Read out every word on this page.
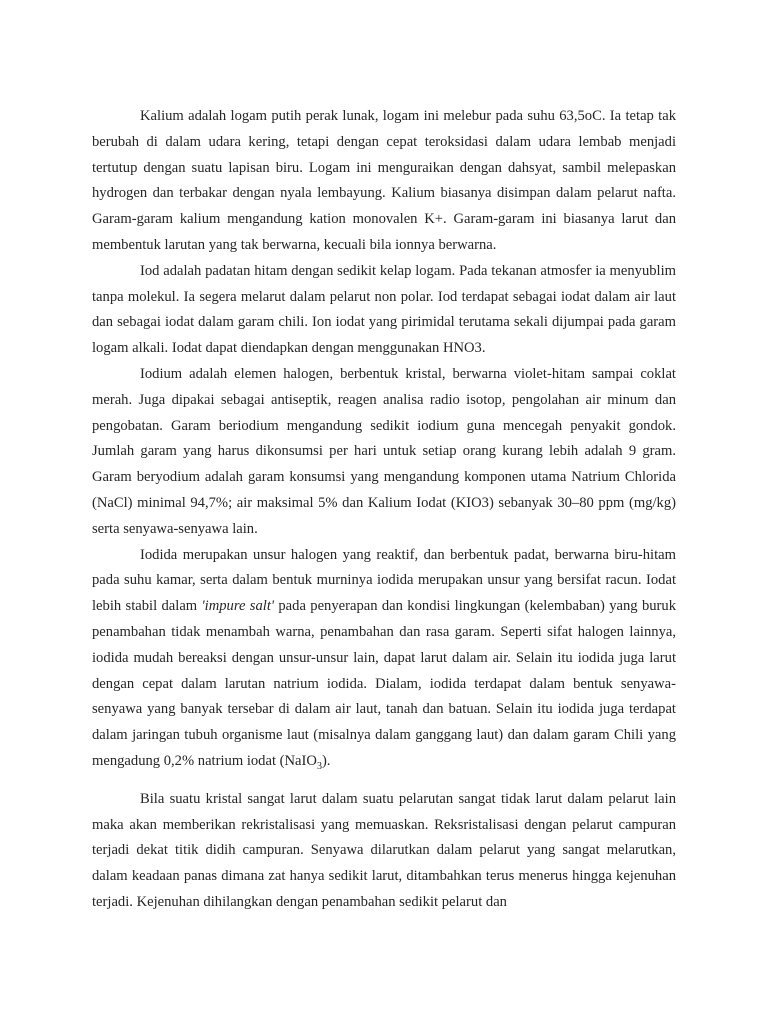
Kalium adalah logam putih perak lunak, logam ini melebur pada suhu 63,5oC. Ia tetap tak berubah di dalam udara kering, tetapi dengan cepat teroksidasi dalam udara lembab menjadi tertutup dengan suatu lapisan biru. Logam ini menguraikan dengan dahsyat, sambil melepaskan hydrogen dan terbakar dengan nyala lembayung. Kalium biasanya disimpan dalam pelarut nafta. Garam-garam kalium mengandung kation monovalen K+. Garam-garam ini biasanya larut dan membentuk larutan yang tak berwarna, kecuali bila ionnya berwarna.

Iod adalah padatan hitam dengan sedikit kelap logam. Pada tekanan atmosfer ia menyublim tanpa molekul. Ia segera melarut dalam pelarut non polar. Iod terdapat sebagai iodat dalam air laut dan sebagai iodat dalam garam chili. Ion iodat yang pirimidal terutama sekali dijumpai pada garam logam alkali. Iodat dapat diendapkan dengan menggunakan HNO3.

Iodium adalah elemen halogen, berbentuk kristal, berwarna violet-hitam sampai coklat merah. Juga dipakai sebagai antiseptik, reagen analisa radio isotop, pengolahan air minum dan pengobatan. Garam beriodium mengandung sedikit iodium guna mencegah penyakit gondok. Jumlah garam yang harus dikonsumsi per hari untuk setiap orang kurang lebih adalah 9 gram. Garam beryodium adalah garam konsumsi yang mengandung komponen utama Natrium Chlorida (NaCl) minimal 94,7%; air maksimal 5% dan Kalium Iodat (KIO3) sebanyak 30–80 ppm (mg/kg) serta senyawa-senyawa lain.

Iodida merupakan unsur halogen yang reaktif, dan berbentuk padat, berwarna biru-hitam pada suhu kamar, serta dalam bentuk murninya iodida merupakan unsur yang bersifat racun. Iodat lebih stabil dalam 'impure salt' pada penyerapan dan kondisi lingkungan (kelembaban) yang buruk penambahan tidak menambah warna, penambahan dan rasa garam. Seperti sifat halogen lainnya, iodida mudah bereaksi dengan unsur-unsur lain, dapat larut dalam air. Selain itu iodida juga larut dengan cepat dalam larutan natrium iodida. Dialam, iodida terdapat dalam bentuk senyawa-senyawa yang banyak tersebar di dalam air laut, tanah dan batuan. Selain itu iodida juga terdapat dalam jaringan tubuh organisme laut (misalnya dalam ganggang laut) dan dalam garam Chili yang mengadung 0,2% natrium iodat (NaIO$_3$).

Bila suatu kristal sangat larut dalam suatu pelarutan sangat tidak larut dalam pelarut lain maka akan memberikan rekristalisasi yang memuaskan. Reksristalisasi dengan pelarut campuran terjadi dekat titik didih campuran. Senyawa dilarutkan dalam pelarut yang sangat melarutkan, dalam keadaan panas dimana zat hanya sedikit larut, ditambahkan terus menerus hingga kejenuhan terjadi. Kejenuhan dihilangkan dengan penambahan sedikit pelarut dan
